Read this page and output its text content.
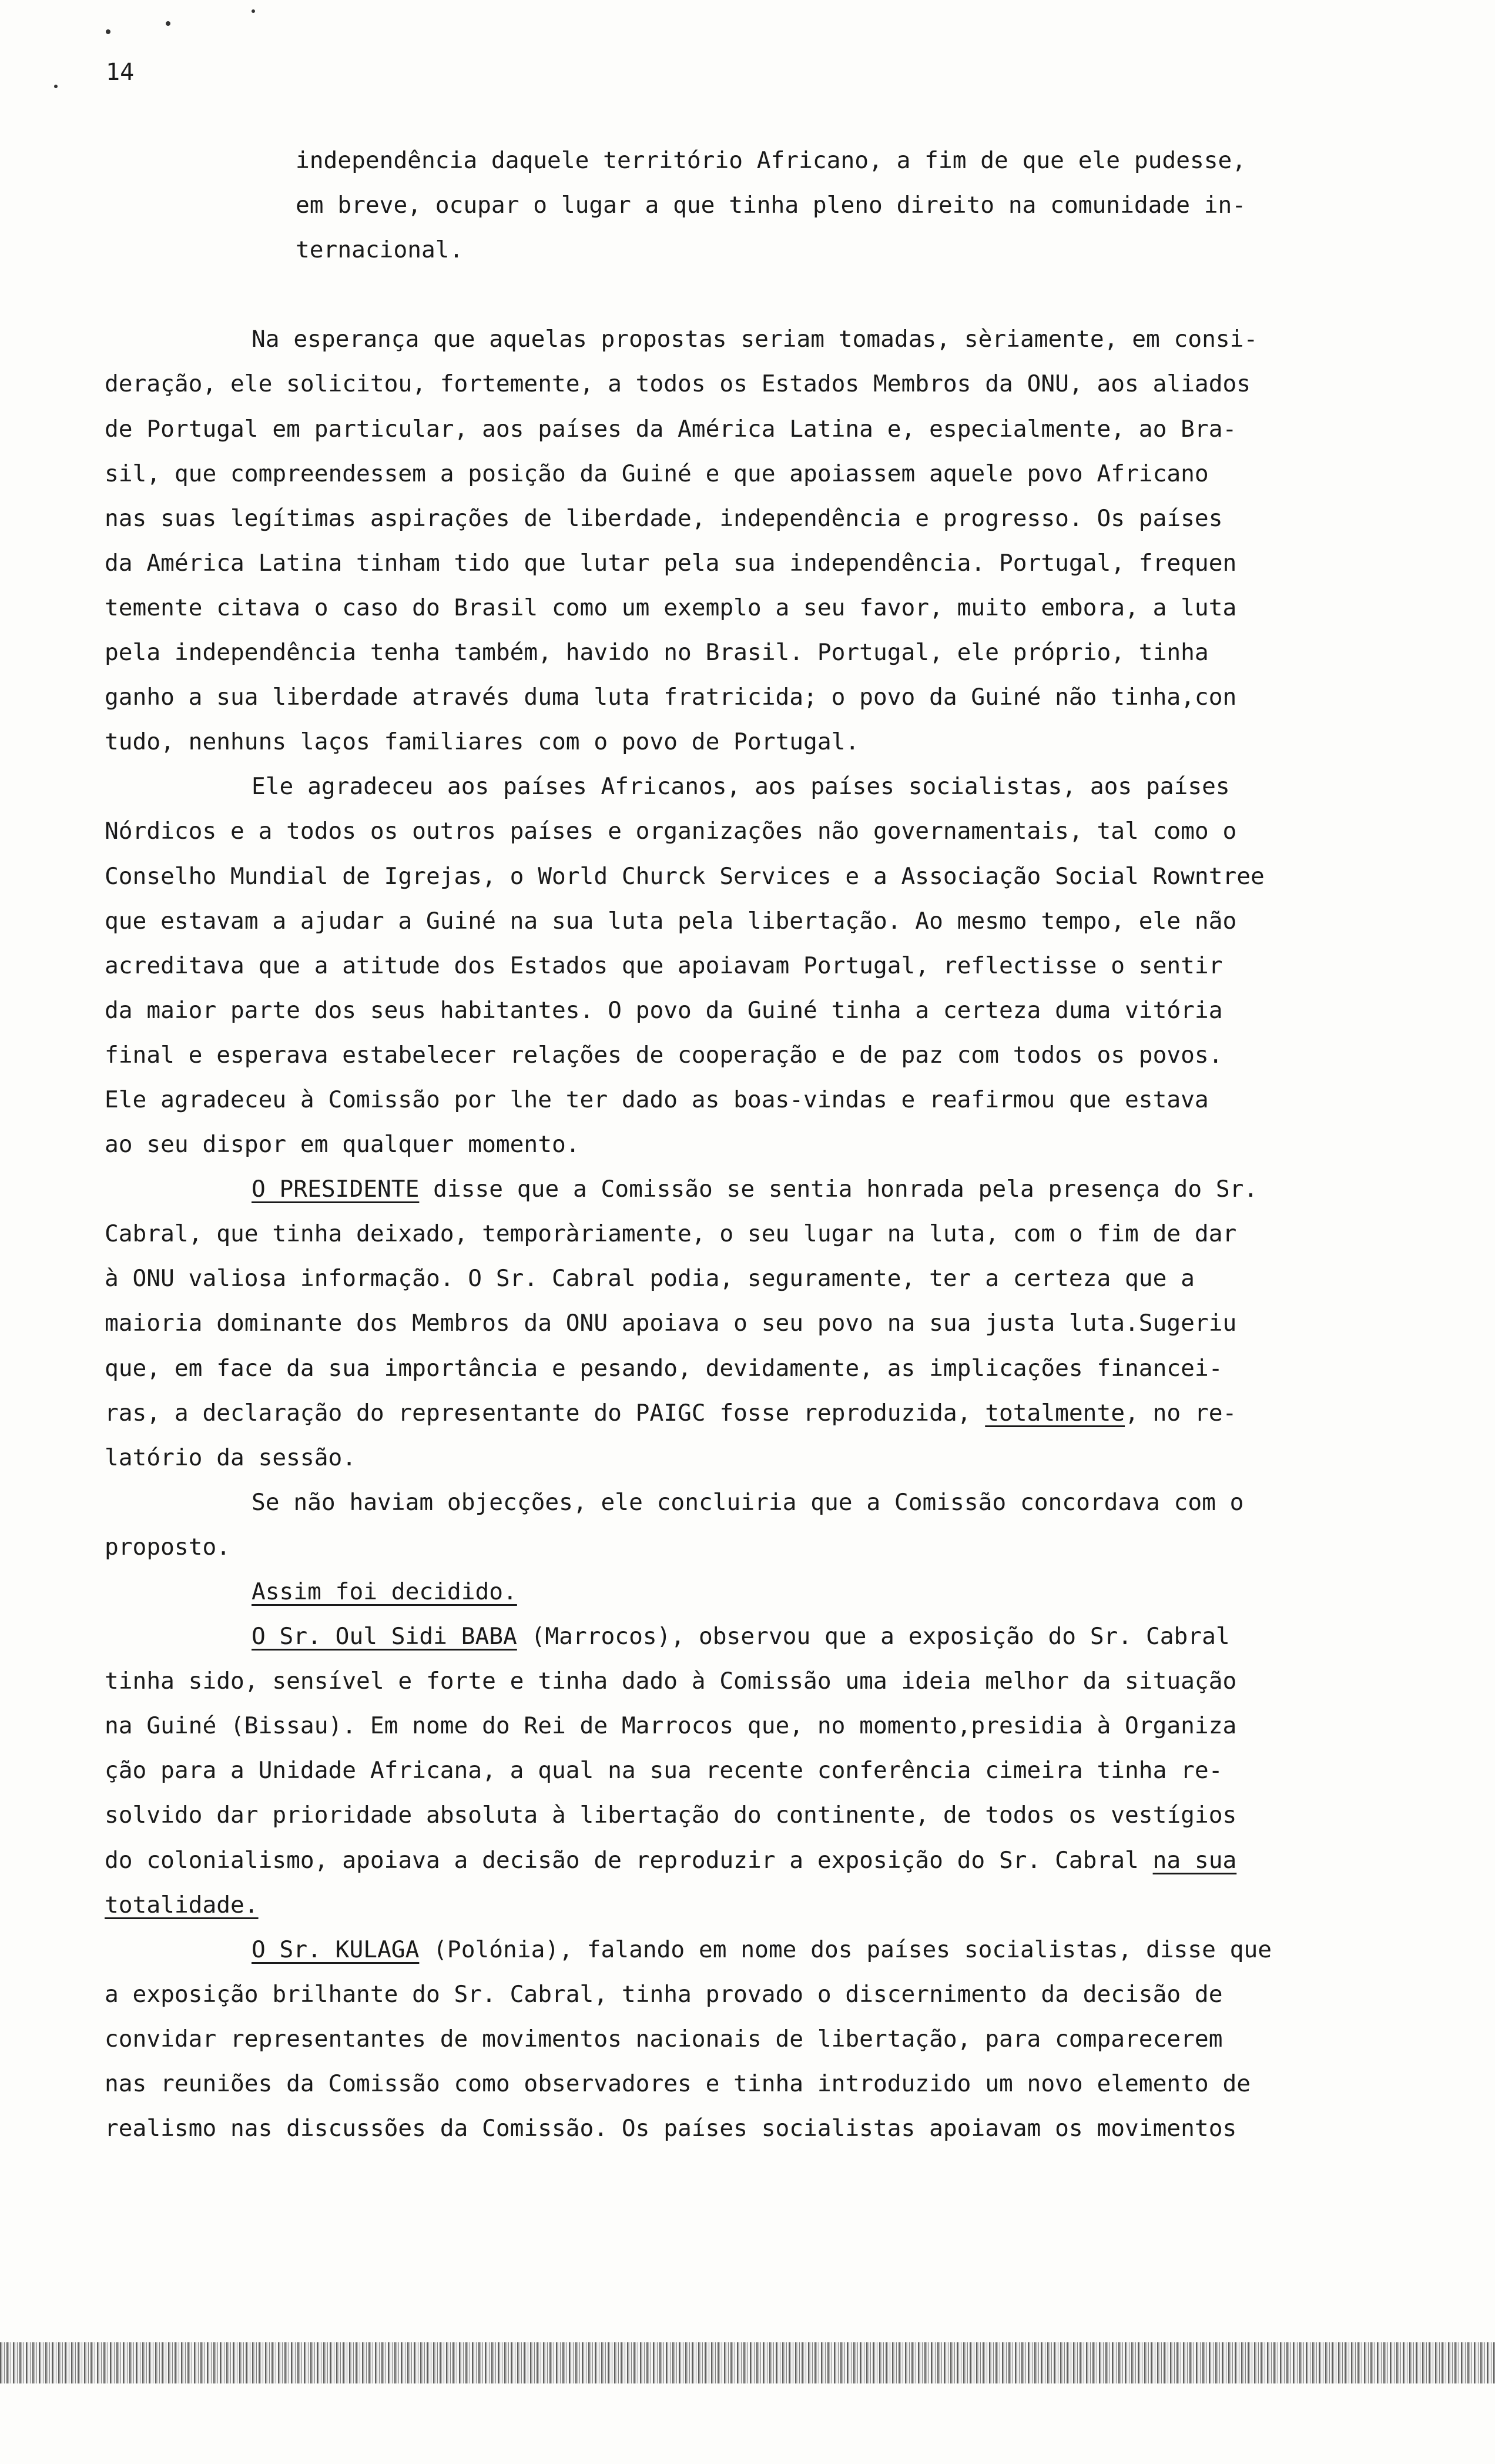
14
independência daquele território Africano, a fim de que ele pudesse,
em breve, ocupar o lugar a que tinha pleno direito na comunidade in-
ternacional.
Na esperança que aquelas propostas seriam tomadas, sèriamente, em consi-
deração, ele solicitou, fortemente, a todos os Estados Membros da ONU, aos aliados
de Portugal em particular, aos países da América Latina e, especialmente, ao Bra-
sil, que compreendessem a posição da Guiné e que apoiassem aquele povo Africano
nas suas legítimas aspirações de liberdade, independência e progresso. Os países
da América Latina tinham tido que lutar pela sua independência. Portugal, frequen
temente citava o caso do Brasil como um exemplo a seu favor, muito embora, a luta
pela independência tenha também, havido no Brasil. Portugal, ele próprio, tinha
ganho a sua liberdade através duma luta fratricida; o povo da Guiné não tinha,con
tudo, nenhuns laços familiares com o povo de Portugal.
Ele agradeceu aos países Africanos, aos países socialistas, aos países
Nórdicos e a todos os outros países e organizações não governamentais, tal como o
Conselho Mundial de Igrejas, o World Churck Services e a Associação Social Rowntree
que estavam a ajudar a Guiné na sua luta pela libertação. Ao mesmo tempo, ele não
acreditava que a atitude dos Estados que apoiavam Portugal, reflectisse o sentir
da maior parte dos seus habitantes. O povo da Guiné tinha a certeza duma vitória
final e esperava estabelecer relações de cooperação e de paz com todos os povos.
Ele agradeceu à Comissão por lhe ter dado as boas-vindas e reafirmou que estava
ao seu dispor em qualquer momento.
O PRESIDENTE disse que a Comissão se sentia honrada pela presença do Sr.
Cabral, que tinha deixado, temporàriamente, o seu lugar na luta, com o fim de dar
à ONU valiosa informação. O Sr. Cabral podia, seguramente, ter a certeza que a
maioria dominante dos Membros da ONU apoiava o seu povo na sua justa luta.Sugeriu
que, em face da sua importância e pesando, devidamente, as implicações financei-
ras, a declaração do representante do PAIGC fosse reproduzida, totalmente, no re-
latório da sessão.
Se não haviam objecções, ele concluiria que a Comissão concordava com o
proposto.
Assim foi decidido.
O Sr. Oul Sidi BABA (Marrocos), observou que a exposição do Sr. Cabral
tinha sido, sensível e forte e tinha dado à Comissão uma ideia melhor da situação
na Guiné (Bissau). Em nome do Rei de Marrocos que, no momento,presidia à Organiza
ção para a Unidade Africana, a qual na sua recente conferência cimeira tinha re-
solvido dar prioridade absoluta à libertação do continente, de todos os vestígios
do colonialismo, apoiava a decisão de reproduzir a exposição do Sr. Cabral na sua
totalidade.
O Sr. KULAGA (Polónia), falando em nome dos países socialistas, disse que
a exposição brilhante do Sr. Cabral, tinha provado o discernimento da decisão de
convidar representantes de movimentos nacionais de libertação, para comparecerem
nas reuniões da Comissão como observadores e tinha introduzido um novo elemento de
realismo nas discussões da Comissão. Os países socialistas apoiavam os movimentos
